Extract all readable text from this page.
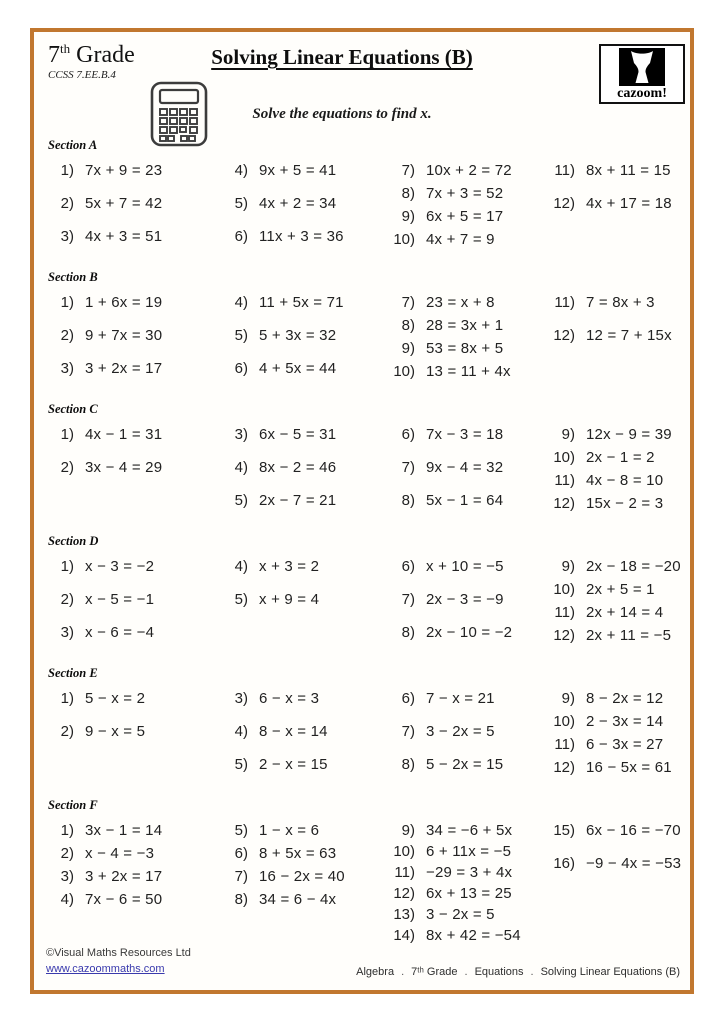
7th Grade
CCSS 7.EE.B.4
Solving Linear Equations (B)
Solve the equations to find x.
cazoom!
Section A
1) 7x + 9 = 23
2) 5x + 7 = 42
3) 4x + 3 = 51
4) 9x + 5 = 41
5) 4x + 2 = 34
6) 11x + 3 = 36
7) 10x + 2 = 72
8) 7x + 3 = 52
9) 6x + 5 = 17
10) 4x + 7 = 9
11) 8x + 11 = 15
12) 4x + 17 = 18
Section B
1) 1 + 6x = 19
2) 9 + 7x = 30
3) 3 + 2x = 17
4) 11 + 5x = 71
5) 5 + 3x = 32
6) 4 + 5x = 44
7) 23 = x + 8
8) 28 = 3x + 1
9) 53 = 8x + 5
10) 13 = 11 + 4x
11) 7 = 8x + 3
12) 12 = 7 + 15x
Section C
1) 4x − 1 = 31
2) 3x − 4 = 29
3) 6x − 5 = 31
4) 8x − 2 = 46
5) 2x − 7 = 21
6) 7x − 3 = 18
7) 9x − 4 = 32
8) 5x − 1 = 64
9) 12x − 9 = 39
10) 2x − 1 = 2
11) 4x − 8 = 10
12) 15x − 2 = 3
Section D
1) x − 3 = −2
2) x − 5 = −1
3) x − 6 = −4
4) x + 3 = 2
5) x + 9 = 4
6) x + 10 = −5
7) 2x − 3 = −9
8) 2x − 10 = −2
9) 2x − 18 = −20
10) 2x + 5 = 1
11) 2x + 14 = 4
12) 2x + 11 = −5
Section E
1) 5 − x = 2
2) 9 − x = 5
3) 6 − x = 3
4) 8 − x = 14
5) 2 − x = 15
6) 7 − x = 21
7) 3 − 2x = 5
8) 5 − 2x = 15
9) 8 − 2x = 12
10) 2 − 3x = 14
11) 6 − 3x = 27
12) 16 − 5x = 61
Section F
1) 3x − 1 = 14
2) x − 4 = −3
3) 3 + 2x = 17
4) 7x − 6 = 50
5) 1 − x = 6
6) 8 + 5x = 63
7) 16 − 2x = 40
8) 34 = 6 − 4x
9) 34 = −6 + 5x
10) 6 + 11x = −5
11) −29 = 3 + 4x
12) 6x + 13 = 25
13) 3 − 2x = 5
14) 8x + 42 = −54
15) 6x − 16 = −70
16) −9 − 4x = −53
©Visual Maths Resources Ltd
www.cazoommaths.com	Algebra . 7ᵗʰ Grade . Equations . Solving Linear Equations (B)
